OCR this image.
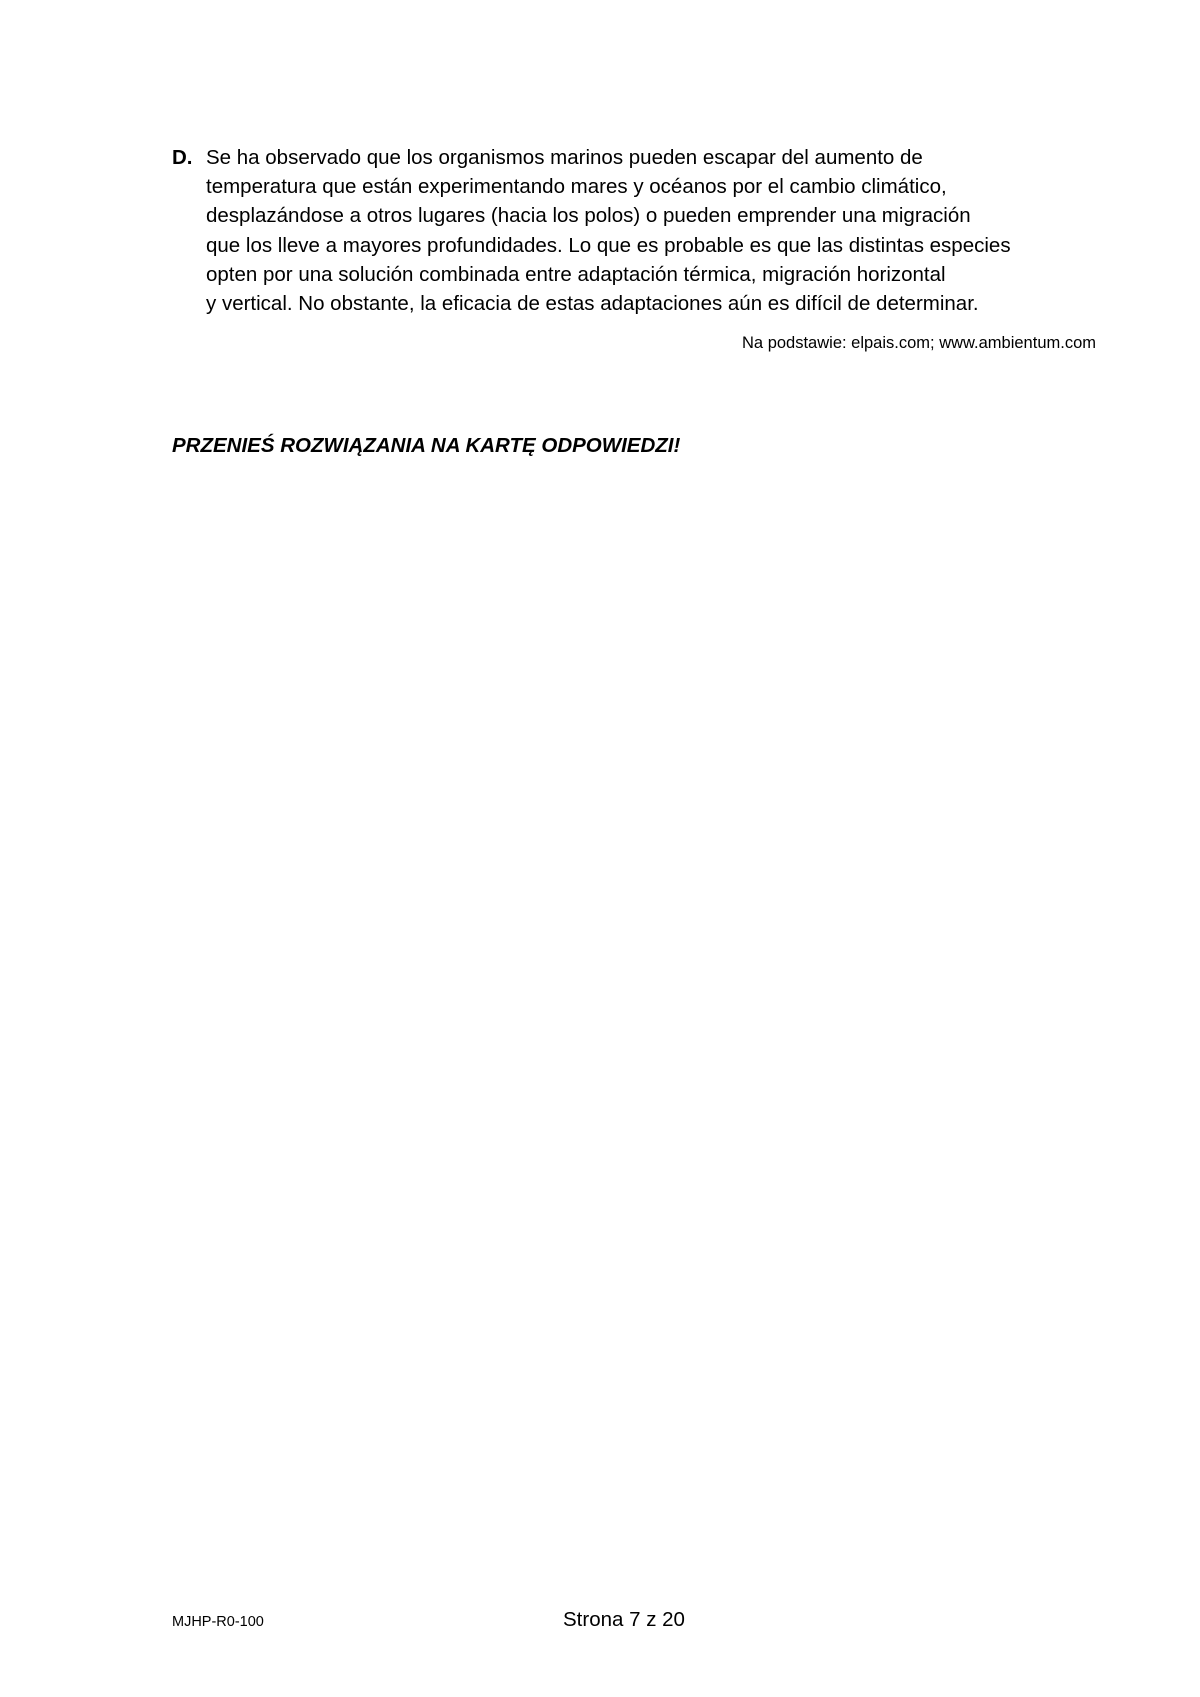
D. Se ha observado que los organismos marinos pueden escapar del aumento de
temperatura que están experimentando mares y océanos por el cambio climático,
desplazándose a otros lugares (hacia los polos) o pueden emprender una migración
que los lleve a mayores profundidades. Lo que es probable es que las distintas especies
opten por una solución combinada entre adaptación térmica, migración horizontal
y vertical. No obstante, la eficacia de estas adaptaciones aún es difícil de determinar.
Na podstawie: elpais.com; www.ambientum.com
PRZENIEŚ ROZWIĄZANIA NA KARTĘ ODPOWIEDZI!
MJHP-R0-100	Strona 7 z 20
